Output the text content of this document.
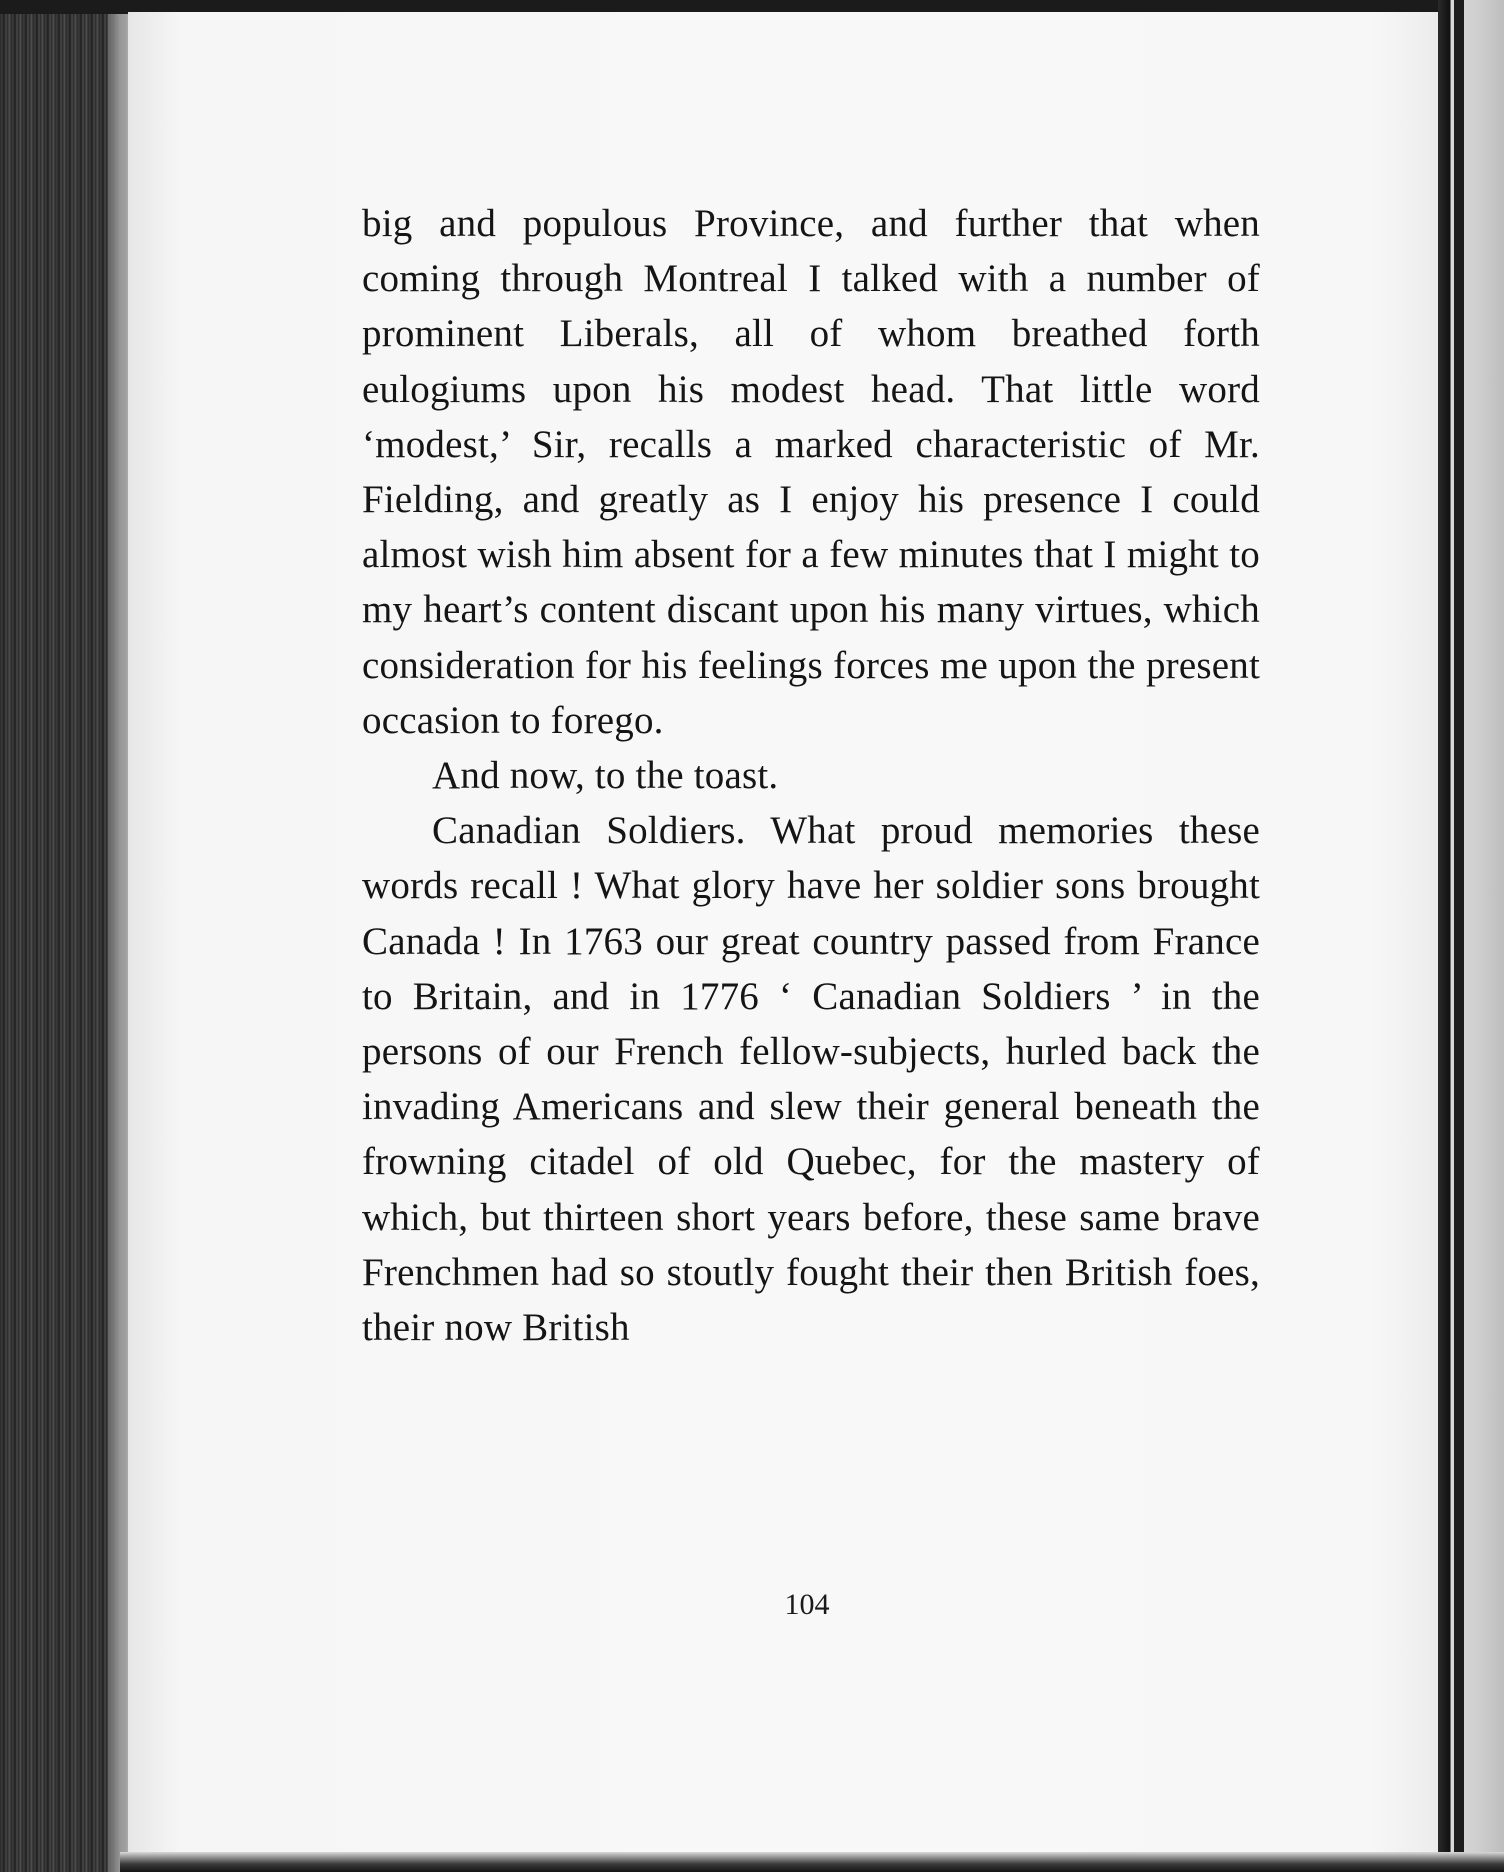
big and populous Province, and further that when coming through Montreal I talked with a number of prominent Liberals, all of whom breathed forth eulogiums upon his modest head. That little word ‘modest,’ Sir, recalls a marked characteristic of Mr. Fielding, and greatly as I enjoy his presence I could almost wish him absent for a few minutes that I might to my heart’s content discant upon his many virtues, which consideration for his feelings forces me upon the present occasion to forego.

And now, to the toast.

Canadian Soldiers. What proud memories these words recall ! What glory have her soldier sons brought Canada ! In 1763 our great country passed from France to Britain, and in 1776 ‘ Canadian Soldiers ’ in the persons of our French fellow-subjects, hurled back the invading Americans and slew their general beneath the frowning citadel of old Quebec, for the mastery of which, but thirteen short years before, these same brave Frenchmen had so stoutly fought their then British foes, their now British

104
